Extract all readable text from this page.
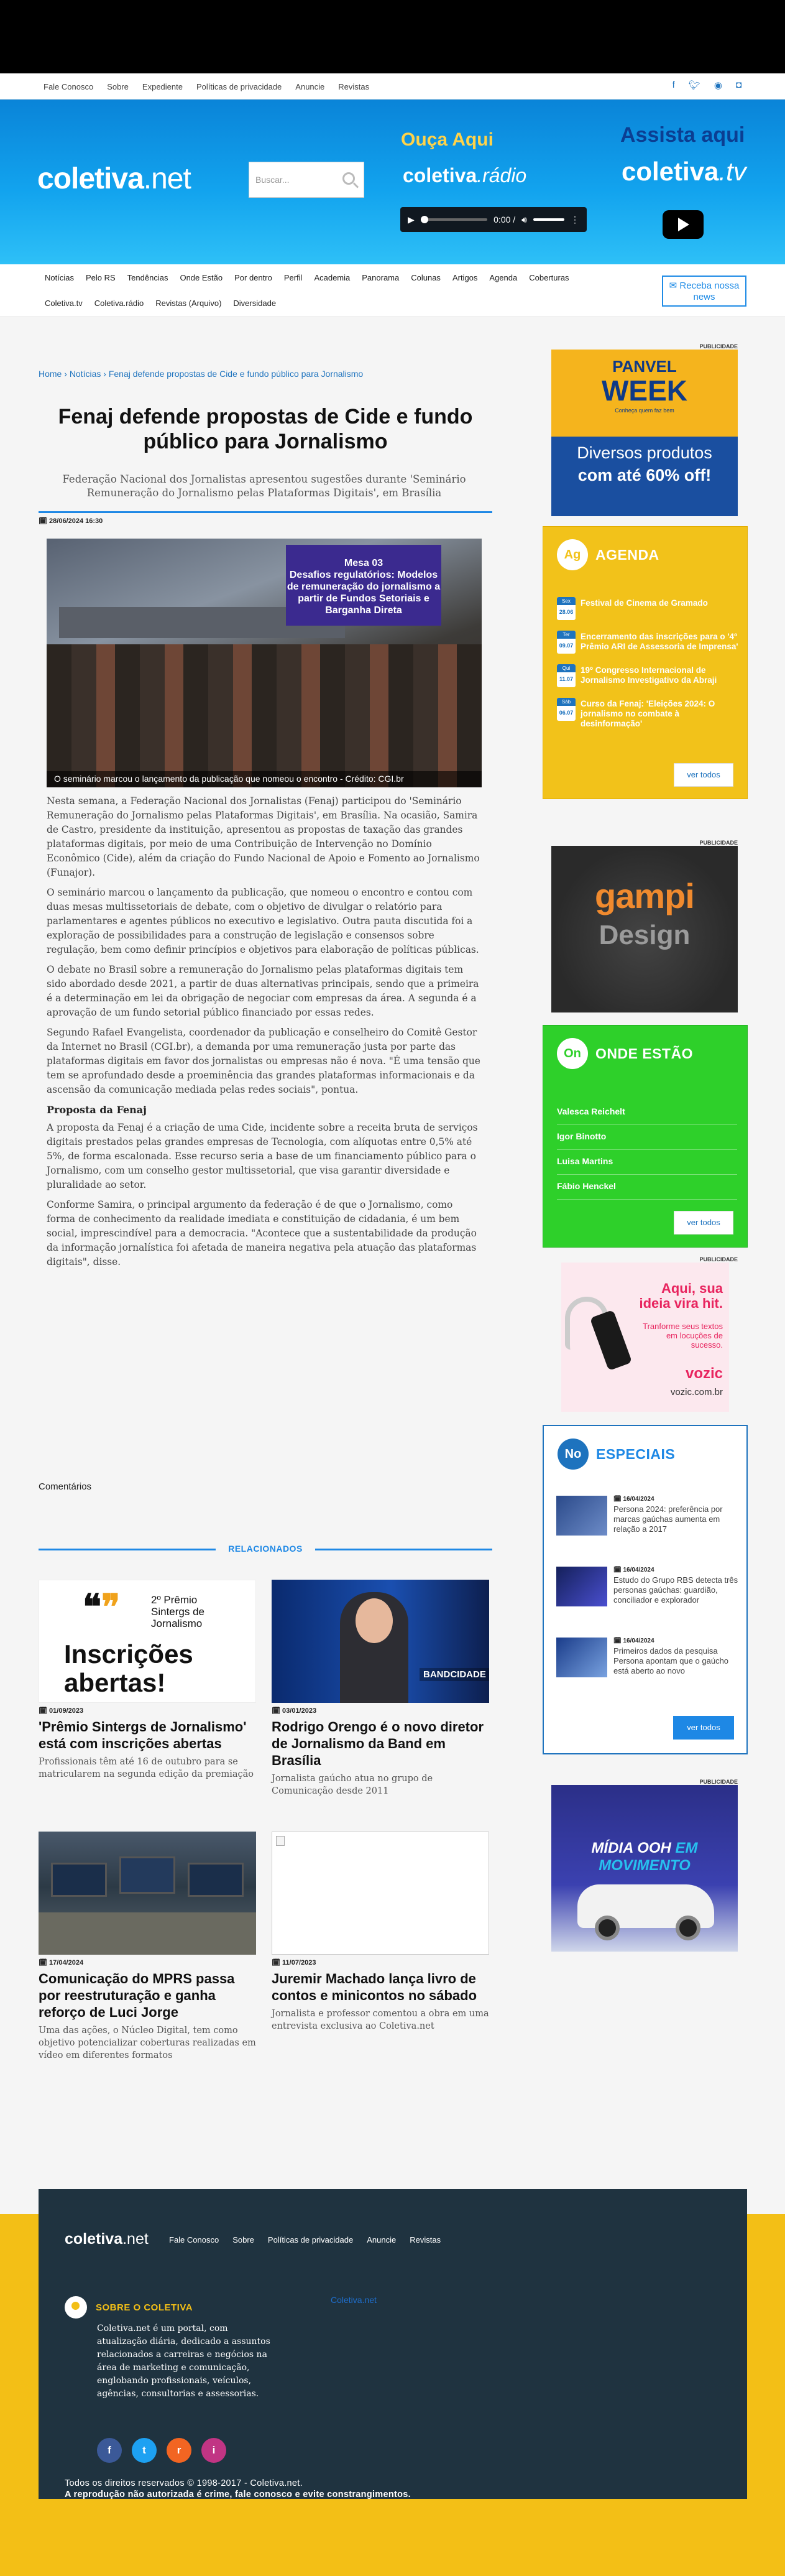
Fale Conosco Sobre Expediente Políticas de privacidade Anuncie Revistas	f 🐦︎ ◉ ◘
coletiva.net	Buscar...
Ouça Aqui
coletiva.rádio
▶	0:00 / 🔊︎	⋮
Assista aqui
coletiva.tv
Notícias Pelo RS Tendências Onde Estão Por dentro Perfil Academia Panorama Colunas Artigos Agenda Coberturas
Coletiva.tv Coletiva.rádio Revistas (Arquivo) Diversidade
✉ Receba nossa news
Home › Notícias › Fenaj defende propostas de Cide e fundo público para Jornalismo
Fenaj defende propostas de Cide e fundo público para Jornalismo
Federação Nacional dos Jornalistas apresentou sugestões durante 'Seminário Remuneração do Jornalismo pelas Plataformas Digitais', em Brasília
🗓︎ 28/06/2024 16:30
Mesa 03
Desafios regulatórios: Modelos de remuneração do jornalismo a partir de Fundos Setoriais e Barganha Direta
O seminário marcou o lançamento da publicação que nomeou o encontro - Crédito: CGI.br

Nesta semana, a Federação Nacional dos Jornalistas (Fenaj) participou do 'Seminário Remuneração do Jornalismo pelas Plataformas Digitais', em Brasília. Na ocasião, Samira de Castro, presidente da instituição, apresentou as propostas de taxação das grandes plataformas digitais, por meio de uma Contribuição de Intervenção no Domínio Econômico (Cide), além da criação do Fundo Nacional de Apoio e Fomento ao Jornalismo (Funajor).

O seminário marcou o lançamento da publicação, que nomeou o encontro e contou com duas mesas multissetoriais de debate, com o objetivo de divulgar o relatório para parlamentares e agentes públicos no executivo e legislativo. Outra pauta discutida foi a exploração de possibilidades para a construção de legislação e consensos sobre regulação, bem como definir princípios e objetivos para elaboração de políticas públicas.

O debate no Brasil sobre a remuneração do Jornalismo pelas plataformas digitais tem sido abordado desde 2021, a partir de duas alternativas principais, sendo que a primeira é a determinação em lei da obrigação de negociar com empresas da área. A segunda é a aprovação de um fundo setorial público financiado por essas redes.

Segundo Rafael Evangelista, coordenador da publicação e conselheiro do Comitê Gestor da Internet no Brasil (CGI.br), a demanda por uma remuneração justa por parte das plataformas digitais em favor dos jornalistas ou empresas não é nova. "É uma tensão que tem se aprofundado desde a proeminência das grandes plataformas informacionais e da ascensão da comunicação mediada pelas redes sociais", pontua.

Proposta da Fenaj

A proposta da Fenaj é a criação de uma Cide, incidente sobre a receita bruta de serviços digitais prestados pelas grandes empresas de Tecnologia, com alíquotas entre 0,5% até 5%, de forma escalonada. Esse recurso seria a base de um financiamento público para o Jornalismo, com um conselho gestor multissetorial, que visa garantir diversidade e pluralidade ao setor.

Conforme Samira, o principal argumento da federação é de que o Jornalismo, como forma de conhecimento da realidade imediata e constituição de cidadania, é um bem social, imprescindível para a democracia. "Acontece que a sustentabilidade da produção da informação jornalística foi afetada de maneira negativa pela atuação das plataformas digitais", disse.

Comentários
RELACIONADOS
❝❞	2º Prêmio Sintergs de Jornalismo
Inscrições abertas!
🗓︎ 01/09/2023
'Prêmio Sintergs de Jornalismo' está com inscrições abertas

Profissionais têm até 16 de outubro para se matricularem na segunda edição da premiação

BANDCIDADE
🗓︎ 03/01/2023
Rodrigo Orengo é o novo diretor de Jornalismo da Band em Brasília

Jornalista gaúcho atua no grupo de Comunicação desde 2011

🗓︎ 17/04/2024
Comunicação do MPRS passa por reestruturação e ganha reforço de Luci Jorge

Uma das ações, o Núcleo Digital, tem como objetivo potencializar coberturas realizadas em vídeo em diferentes formatos

🗓︎ 11/07/2023
Juremir Machado lança livro de contos e minicontos no sábado

Jornalista e professor comentou a obra em uma entrevista exclusiva ao Coletiva.net

PUBLICIDADE
PANVEL
WEEK
Conheça quem faz bem
Diversos produtos
com até 60% off!
Ag	AGENDA
Sex
28.06
Festival de Cinema de Gramado
Ter
09.07
Encerramento das inscrições para o '4º Prêmio ARI de Assessoria de Imprensa'
Qui
11.07
19º Congresso Internacional de Jornalismo Investigativo da Abraji
Sáb
06.07
Curso da Fenaj: 'Eleições 2024: O jornalismo no combate à desinformação'
ver todos
PUBLICIDADE
gampi
Design
On	ONDE ESTÃO
Valesca Reichelt
Igor Binotto
Luisa Martins
Fábio Henckel
ver todos
PUBLICIDADE
Aqui, sua ideia vira hit.
Tranforme seus textos em locuções de sucesso.
vozic
vozic.com.br
No	ESPECIAIS
🗓︎ 16/04/2024
Persona 2024: preferência por marcas gaúchas aumenta em relação a 2017
🗓︎ 16/04/2024
Estudo do Grupo RBS detecta três personas gaúchas: guardião, conciliador e explorador
🗓︎ 16/04/2024
Primeiros dados da pesquisa Persona apontam que o gaúcho está aberto ao novo
ver todos
PUBLICIDADE
MÍDIA OOH EM MOVIMENTO
coletiva.net	Fale Conosco Sobre Políticas de privacidade Anuncie Revistas
SOBRE O COLETIVA
Coletiva.net é um portal, com atualização diária, dedicado a assuntos relacionados a carreiras e negócios na área de marketing e comunicação, englobando profissionais, veículos, agências, consultorias e assessorias.
Coletiva.net
f	t	r	i
Todos os direitos reservados © 1998-2017 - Coletiva.net.
A reprodução não autorizada é crime, fale conosco e evite constrangimentos.
